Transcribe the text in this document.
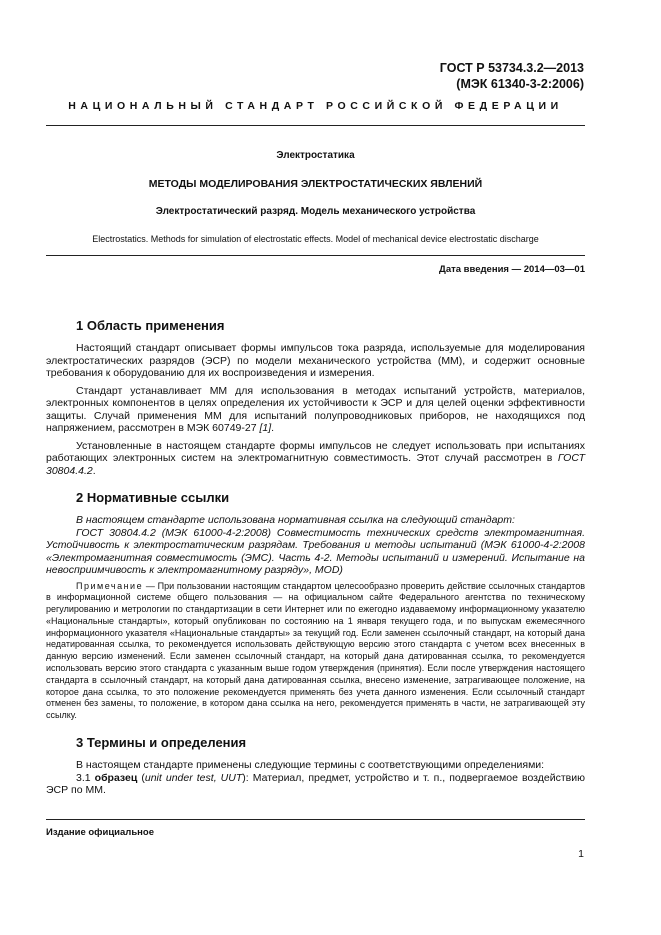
ГОСТ Р 53734.3.2—2013
(МЭК 61340-3-2:2006)
НАЦИОНАЛЬНЫЙ СТАНДАРТ РОССИЙСКОЙ ФЕДЕРАЦИИ
Электростатика
МЕТОДЫ МОДЕЛИРОВАНИЯ ЭЛЕКТРОСТАТИЧЕСКИХ ЯВЛЕНИЙ
Электростатический разряд. Модель механического устройства
Electrostatics. Methods for simulation of electrostatic effects. Model of mechanical device electrostatic discharge
Дата введения — 2014—03—01
1 Область применения

Настоящий стандарт описывает формы импульсов тока разряда, используемые для моделирования электростатических разрядов (ЭСР) по модели механического устройства (ММ), и содержит основные требования к оборудованию для их воспроизведения и измерения.

Стандарт устанавливает ММ для использования в методах испытаний устройств, материалов, электронных компонентов в целях определения их устойчивости к ЭСР и для целей оценки эффективности защиты. Случай применения ММ для испытаний полупроводниковых приборов, не находящихся под напряжением, рассмотрен в МЭК 60749-27 [1].

Установленные в настоящем стандарте формы импульсов не следует использовать при испытаниях работающих электронных систем на электромагнитную совместимость. Этот случай рассмотрен в ГОСТ 30804.4.2.

2 Нормативные ссылки

В настоящем стандарте использована нормативная ссылка на следующий стандарт:

ГОСТ 30804.4.2 (МЭК 61000-4-2:2008) Совместимость технических средств электромагнитная. Устойчивость к электростатическим разрядам. Требования и методы испытаний (МЭК 61000-4-2:2008 «Электромагнитная совместимость (ЭМС). Часть 4-2. Методы испытаний и измерений. Испытание на невосприимчивость к электромагнитному разряду», MOD)

Примечание — При пользовании настоящим стандартом целесообразно проверить действие ссылочных стандартов в информационной системе общего пользования — на официальном сайте Федерального агентства по техническому регулированию и метрологии по стандартизации в сети Интернет или по ежегодно издаваемому информационному указателю «Национальные стандарты», который опубликован по состоянию на 1 января текущего года, и по выпускам ежемесячного информационного указателя «Национальные стандарты» за текущий год. Если заменен ссылочный стандарт, на который дана недатированная ссылка, то рекомендуется использовать действующую версию этого стандарта с учетом всех внесенных в данную версию изменений. Если заменен ссылочный стандарт, на который дана датированная ссылка, то рекомендуется использовать версию этого стандарта с указанным выше годом утверждения (принятия). Если после утверждения настоящего стандарта в ссылочный стандарт, на который дана датированная ссылка, внесено изменение, затрагивающее положение, на которое дана ссылка, то это положение рекомендуется применять без учета данного изменения. Если ссылочный стандарт отменен без замены, то положение, в котором дана ссылка на него, рекомендуется применять в части, не затрагивающей эту ссылку.

3 Термины и определения

В настоящем стандарте применены следующие термины с соответствующими определениями:

3.1 образец (unit under test, UUT): Материал, предмет, устройство и т. п., подвергаемое воздействию ЭСР по ММ.

Издание официальное
1
